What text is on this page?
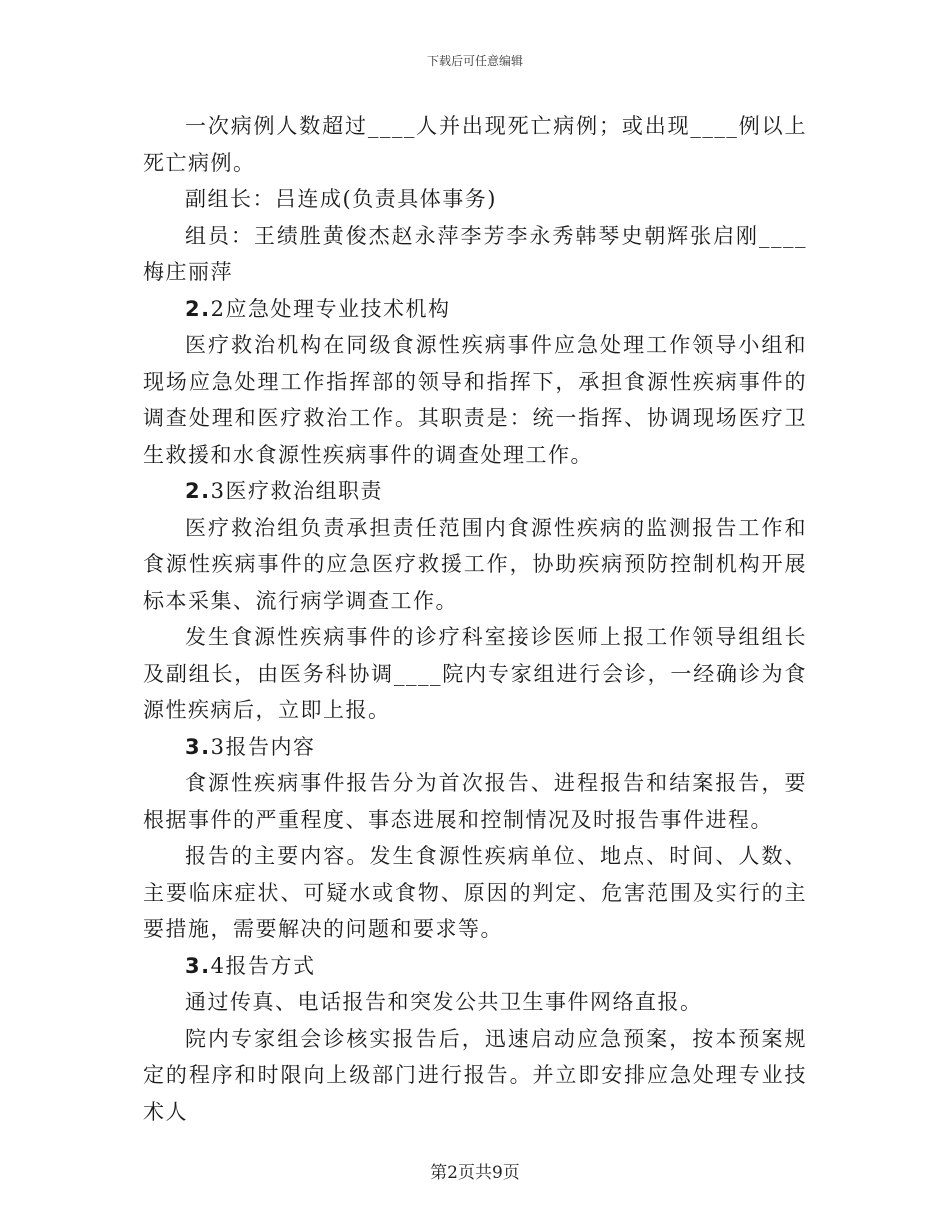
下载后可任意编辑

一次病例人数超过____人并出现死亡病例；或出现____例以上死亡病例。

副组长：吕连成(负责具体事务)

组员：王绩胜黄俊杰赵永萍李芳李永秀韩琴史朝辉张启刚____梅庄丽萍

2.2应急处理专业技术机构

医疗救治机构在同级食源性疾病事件应急处理工作领导小组和现场应急处理工作指挥部的领导和指挥下，承担食源性疾病事件的调查处理和医疗救治工作。其职责是：统一指挥、协调现场医疗卫生救援和水食源性疾病事件的调查处理工作。

2.3医疗救治组职责

医疗救治组负责承担责任范围内食源性疾病的监测报告工作和食源性疾病事件的应急医疗救援工作，协助疾病预防控制机构开展标本采集、流行病学调查工作。

发生食源性疾病事件的诊疗科室接诊医师上报工作领导组组长及副组长，由医务科协调____院内专家组进行会诊，一经确诊为食源性疾病后，立即上报。

3.3报告内容

食源性疾病事件报告分为首次报告、进程报告和结案报告，要根据事件的严重程度、事态进展和控制情况及时报告事件进程。

报告的主要内容。发生食源性疾病单位、地点、时间、人数、主要临床症状、可疑水或食物、原因的判定、危害范围及实行的主要措施，需要解决的问题和要求等。

3.4报告方式

通过传真、电话报告和突发公共卫生事件网络直报。

院内专家组会诊核实报告后，迅速启动应急预案，按本预案规定的程序和时限向上级部门进行报告。并立即安排应急处理专业技术人

第2页共9页
